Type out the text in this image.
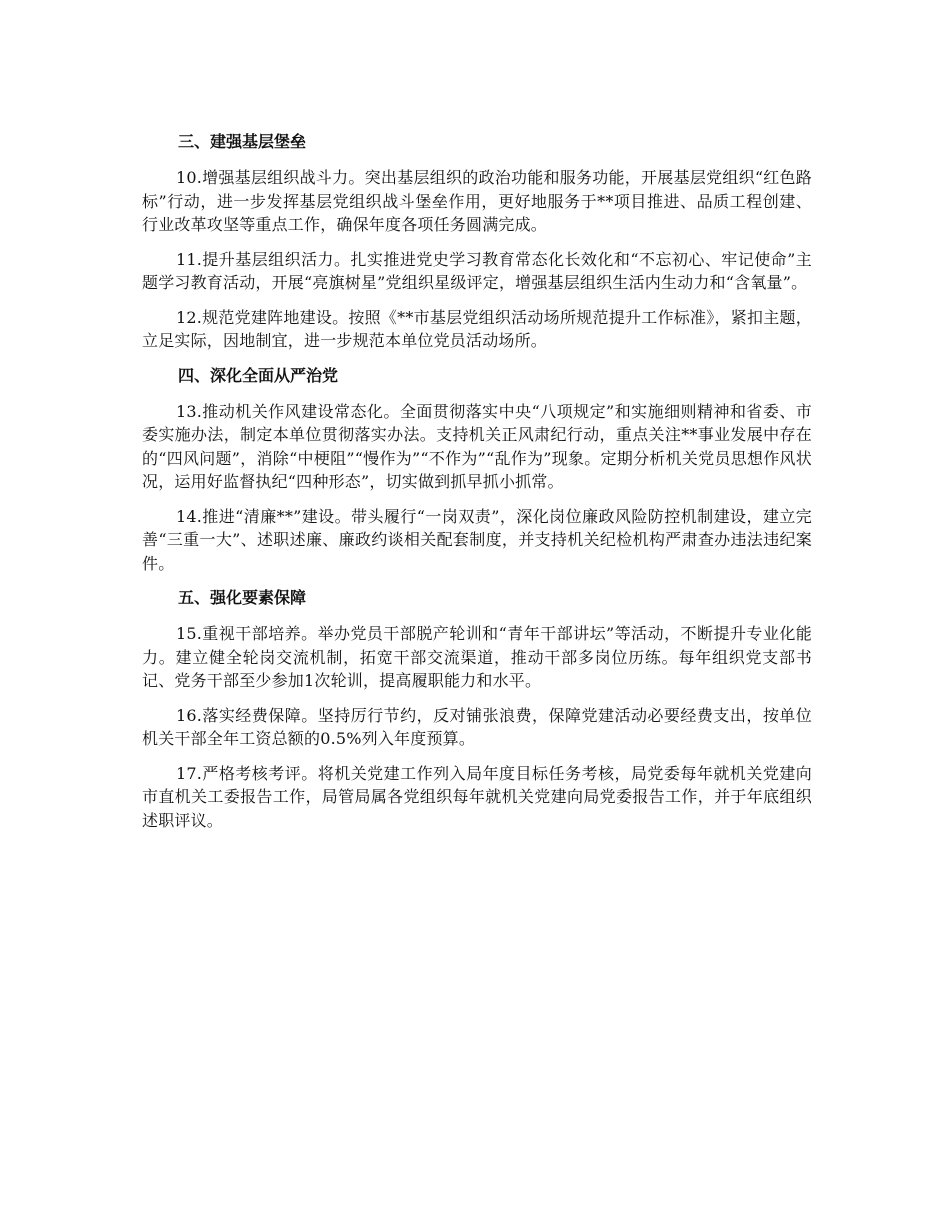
三、建强基层堡垒

10.增强基层组织战斗力。突出基层组织的政治功能和服务功能，开展基层党组织“红色路标”行动，进一步发挥基层党组织战斗堡垒作用，更好地服务于**项目推进、品质工程创建、行业改革攻坚等重点工作，确保年度各项任务圆满完成。

11.提升基层组织活力。扎实推进党史学习教育常态化长效化和“不忘初心、牢记使命”主题学习教育活动，开展“亮旗树星”党组织星级评定，增强基层组织生活内生动力和“含氧量”。

12.规范党建阵地建设。按照《**市基层党组织活动场所规范提升工作标准》，紧扣主题，立足实际，因地制宜，进一步规范本单位党员活动场所。

四、深化全面从严治党

13.推动机关作风建设常态化。全面贯彻落实中央“八项规定”和实施细则精神和省委、市委实施办法，制定本单位贯彻落实办法。支持机关正风肃纪行动，重点关注**事业发展中存在的“四风问题”，消除“中梗阻”“慢作为”“不作为”“乱作为”现象。定期分析机关党员思想作风状况，运用好监督执纪“四种形态”，切实做到抓早抓小抓常。

14.推进“清廉**”建设。带头履行“一岗双责”，深化岗位廉政风险防控机制建设，建立完善“三重一大”、述职述廉、廉政约谈相关配套制度，并支持机关纪检机构严肃查办违法违纪案件。

五、强化要素保障

15.重视干部培养。举办党员干部脱产轮训和“青年干部讲坛”等活动，不断提升专业化能力。建立健全轮岗交流机制，拓宽干部交流渠道，推动干部多岗位历练。每年组织党支部书记、党务干部至少参加1次轮训，提高履职能力和水平。

16.落实经费保障。坚持厉行节约，反对铺张浪费，保障党建活动必要经费支出，按单位机关干部全年工资总额的0.5%列入年度预算。

17.严格考核考评。将机关党建工作列入局年度目标任务考核，局党委每年就机关党建向市直机关工委报告工作，局管局属各党组织每年就机关党建向局党委报告工作，并于年底组织述职评议。
